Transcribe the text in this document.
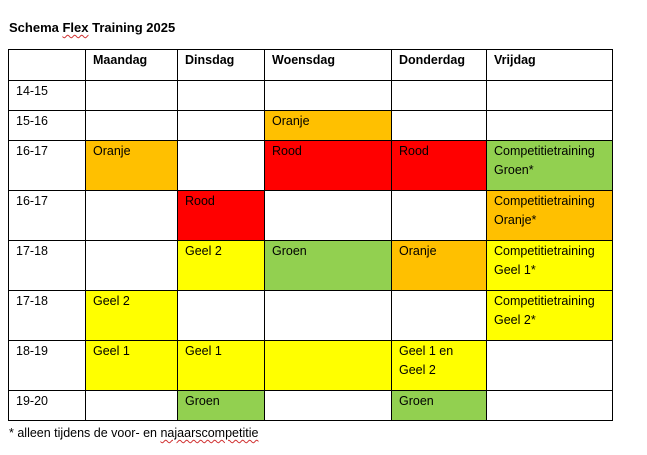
Schema Flex Training 2025
	Maandag	Dinsdag	Woensdag	Donderdag	Vrijdag
14-15					
15-16			Oranje		

16-17	Oranje		Rood	Rood	Competitietraining
Groen*

16-17		Rood			Competitietraining
Oranje*

17-18		Geel 2	Groen	Oranje	Competitietraining
Geel 1*

17-18	Geel 2				Competitietraining
Geel 2*

18-19	Geel 1	Geel 1		Geel 1 en
Geel 2	

19-20		Groen		Groen	

* alleen tijdens de voor- en najaarscompetitie
